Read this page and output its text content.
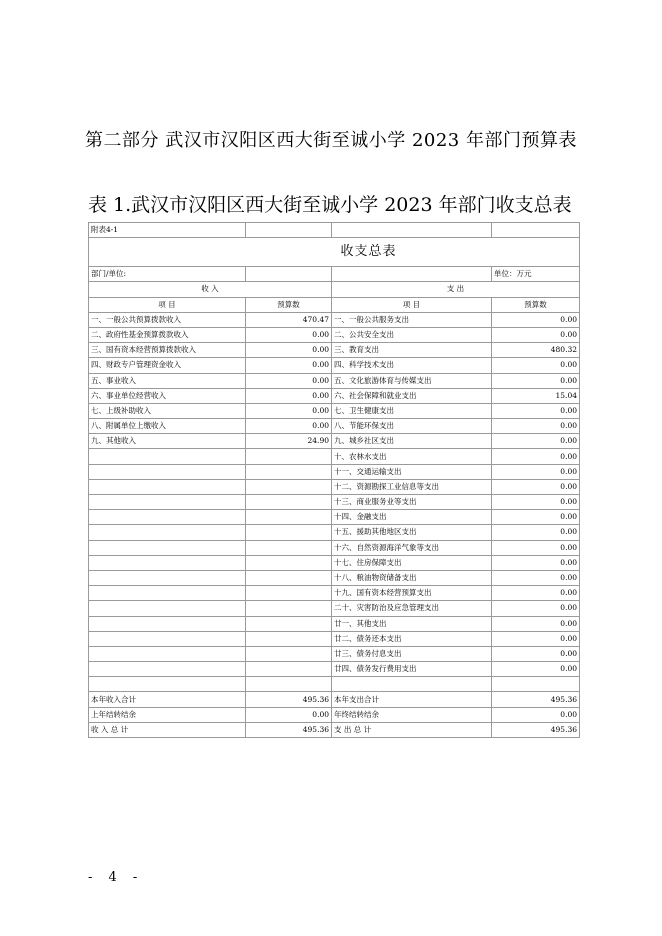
第二部分 武汉市汉阳区西大街至诚小学 2023 年部门预算表
表 1.武汉市汉阳区西大街至诚小学 2023 年部门收支总表
附表4-1			
	收支总表		
部门/单位:			单位：万元
收 入		支 出	
项 目	预算数	项 目	预算数
一、一般公共预算拨款收入	470.47	一、一般公共服务支出	0.00
二、政府性基金预算拨款收入	0.00	二、公共安全支出	0.00
三、国有资本经营预算拨款收入	0.00	三、教育支出	480.32
四、财政专户管理资金收入	0.00	四、科学技术支出	0.00
五、事业收入	0.00	五、文化旅游体育与传媒支出	0.00
六、事业单位经营收入	0.00	六、社会保障和就业支出	15.04
七、上级补助收入	0.00	七、卫生健康支出	0.00
八、附属单位上缴收入	0.00	八、节能环保支出	0.00
九、其他收入	24.90	九、城乡社区支出	0.00
		十、农林水支出	0.00
		十一、交通运输支出	0.00
		十二、资源勘探工业信息等支出	0.00
		十三、商业服务业等支出	0.00
		十四、金融支出	0.00
		十五、援助其他地区支出	0.00
		十六、自然资源海洋气象等支出	0.00
		十七、住房保障支出	0.00
		十八、粮油物资储备支出	0.00
		十九、国有资本经营预算支出	0.00
		二十、灾害防治及应急管理支出	0.00
		廿一、其他支出	0.00
		廿二、债务还本支出	0.00
		廿三、债务付息支出	0.00
		廿四、债务发行费用支出	0.00

本年收入合计	495.36	本年支出合计	495.36
上年结转结余	0.00	年终结转结余	0.00
收 入 总 计	495.36	支 出 总 计	495.36
- 4 -
